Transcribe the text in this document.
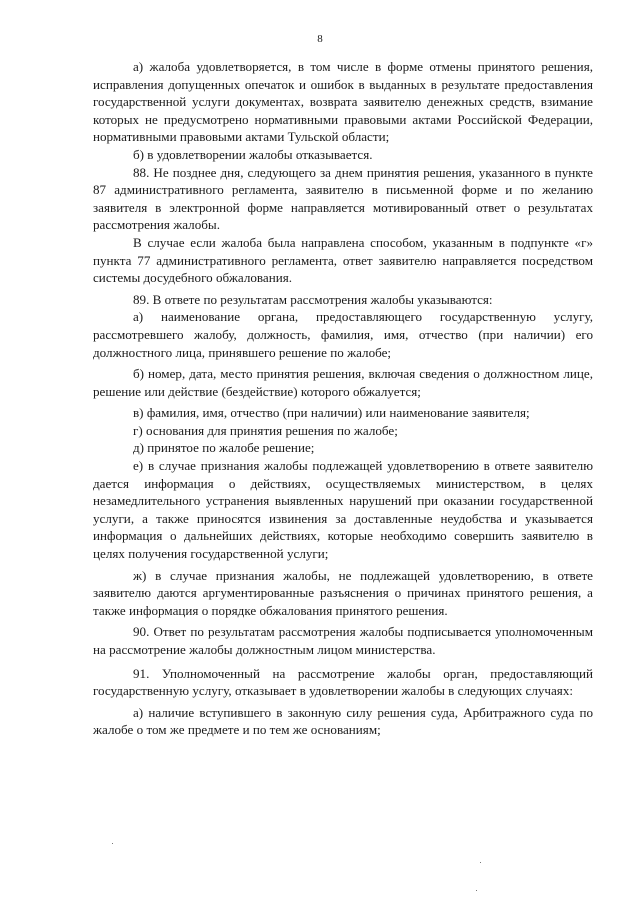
8

а) жалоба удовлетворяется, в том числе в форме отмены принятого решения, исправления допущенных опечаток и ошибок в выданных в результате предоставления государственной услуги документах, возврата заявителю денежных средств, взимание которых не предусмотрено нормативными правовыми актами Российской Федерации, нормативными правовыми актами Тульской области;

б) в удовлетворении жалобы отказывается.

88. Не позднее дня, следующего за днем принятия решения, указанного в пункте 87 административного регламента, заявителю в письменной форме и по желанию заявителя в электронной форме направляется мотивированный ответ о результатах рассмотрения жалобы.

В случае если жалоба была направлена способом, указанным в подпункте «г» пункта 77 административного регламента, ответ заявителю направляется посредством системы досудебного обжалования.

89. В ответе по результатам рассмотрения жалобы указываются:

а) наименование органа, предоставляющего государственную услугу, рассмотревшего жалобу, должность, фамилия, имя, отчество (при наличии) его должностного лица, принявшего решение по жалобе;

б) номер, дата, место принятия решения, включая сведения о должностном лице, решение или действие (бездействие) которого обжалуется;

в) фамилия, имя, отчество (при наличии) или наименование заявителя;

г) основания для принятия решения по жалобе;

д) принятое по жалобе решение;

е) в случае признания жалобы подлежащей удовлетворению в ответе заявителю дается информация о действиях, осуществляемых министерством, в целях незамедлительного устранения выявленных нарушений при оказании государственной услуги, а также приносятся извинения за доставленные неудобства и указывается информация о дальнейших действиях, которые необходимо совершить заявителю в целях получения государственной услуги;

ж) в случае признания жалобы, не подлежащей удовлетворению, в ответе заявителю даются аргументированные разъяснения о причинах принятого решения, а также информация о порядке обжалования принятого решения.

90. Ответ по результатам рассмотрения жалобы подписывается уполномоченным на рассмотрение жалобы должностным лицом министерства.

91. Уполномоченный на рассмотрение жалобы орган, предоставляющий государственную услугу, отказывает в удовлетворении жалобы в следующих случаях:

а) наличие вступившего в законную силу решения суда, Арбитражного суда по жалобе о том же предмете и по тем же основаниям;
